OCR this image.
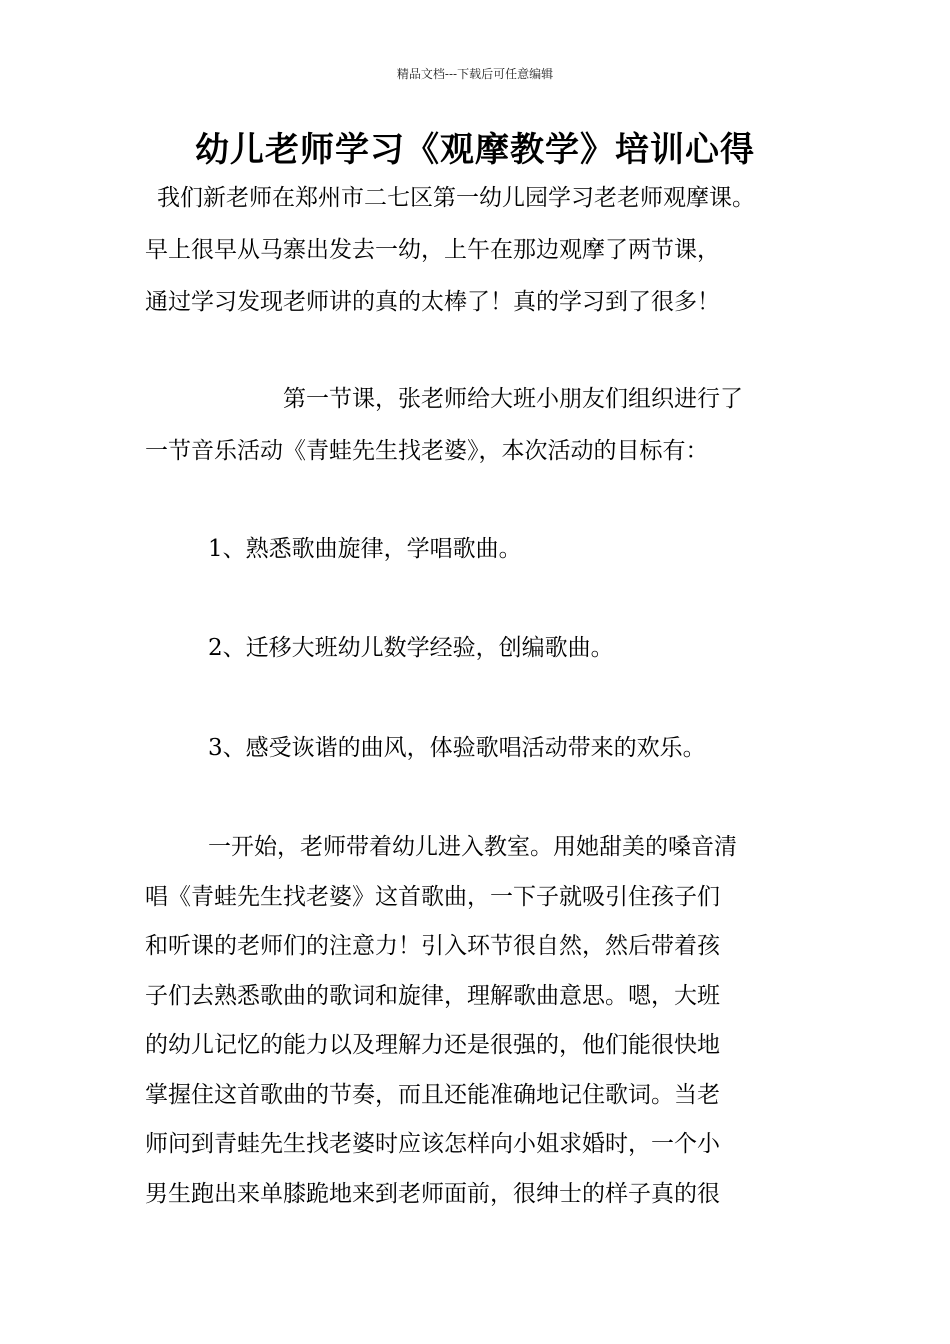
精品文档---下载后可任意编辑
幼儿老师学习《观摩教学》培训心得
我们新老师在郑州市二七区第一幼儿园学习老老师观摩课。
早上很早从马寨出发去一幼，上午在那边观摩了两节课，
通过学习发现老师讲的真的太棒了！真的学习到了很多！
第一节课，张老师给大班小朋友们组织进行了
一节音乐活动《青蛙先生找老婆》，本次活动的目标有：
1、熟悉歌曲旋律，学唱歌曲。
2、迁移大班幼儿数学经验，创编歌曲。
3、感受诙谐的曲风，体验歌唱活动带来的欢乐。
一开始，老师带着幼儿进入教室。用她甜美的嗓音清
唱《青蛙先生找老婆》这首歌曲，一下子就吸引住孩子们
和听课的老师们的注意力！引入环节很自然，然后带着孩
子们去熟悉歌曲的歌词和旋律，理解歌曲意思。嗯，大班
的幼儿记忆的能力以及理解力还是很强的，他们能很快地
掌握住这首歌曲的节奏，而且还能准确地记住歌词。当老
师问到青蛙先生找老婆时应该怎样向小姐求婚时，一个小
男生跑出来单膝跪地来到老师面前，很绅士的样子真的很
